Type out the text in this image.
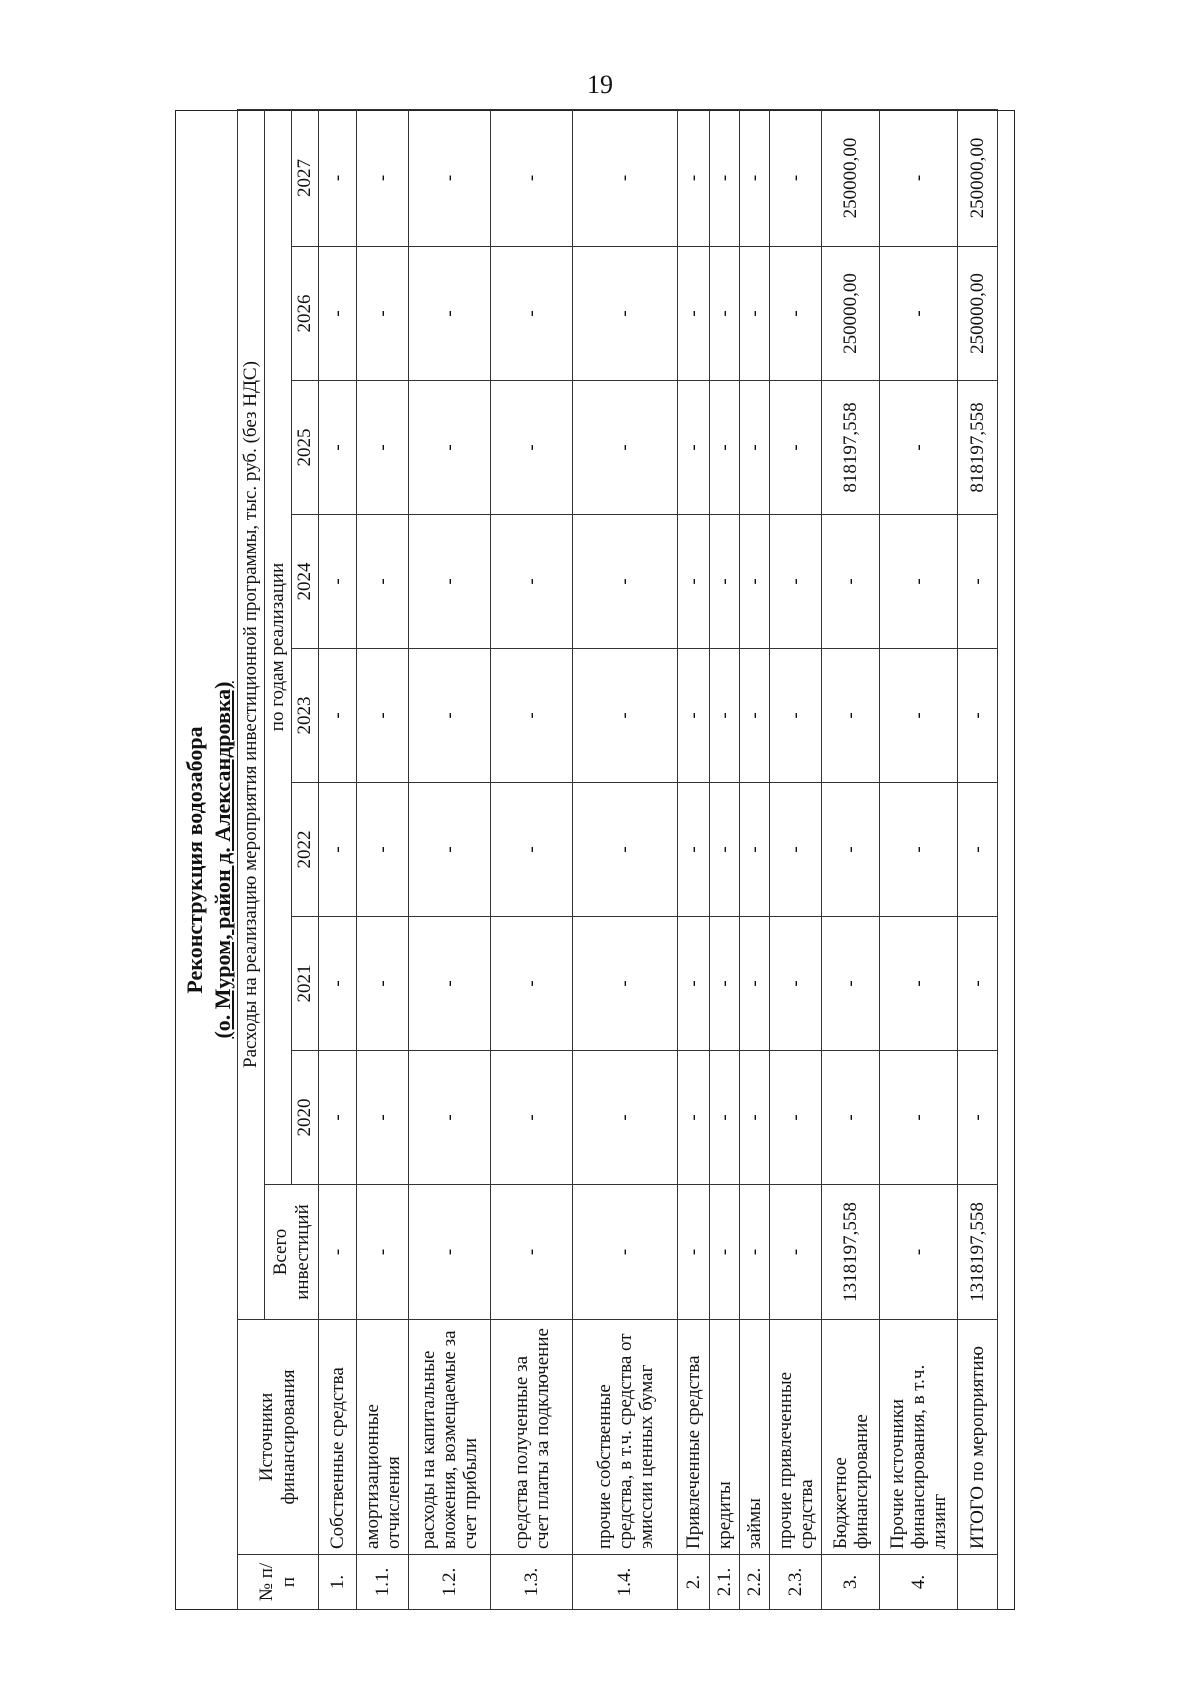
19
Реконструкция водозабора (о. Муром, район д. Александровка)
№ п/п	Источники финансирования	Расходы на реализацию мероприятия инвестиционной программы, тыс. руб. (без НДС)								
		Всего инвестиций	по годам реализации							
			2020	2021	2022	2023	2024	2025	2026	2027
1.	Собственные средства	-	-	-	-	-	-	-	-	-
1.1.	амортизационные отчисления	-	-	-	-	-	-	-	-	-
1.2.	расходы на капитальные вложения, возмещаемые за счет прибыли	-	-	-	-	-	-	-	-	-
1.3.	средства полученные за счет платы за подключение	-	-	-	-	-	-	-	-	-
1.4.	прочие собственные средства, в т.ч. средства от эмиссии ценных бумаг	-	-	-	-	-	-	-	-	-
2.	Привлеченные средства	-	-	-	-	-	-	-	-	-
2.1.	кредиты	-	-	-	-	-	-	-	-	-
2.2.	займы	-	-	-	-	-	-	-	-	-
2.3.	прочие привлеченные средства	-	-	-	-	-	-	-	-	-
3.	Бюджетное финансирование	1318197,558	-	-	-	-	-	818197,558	250000,00	250000,00
4.	Прочие источники финансирования, в т.ч. лизинг	-	-	-	-	-	-	-	-	-
	ИТОГО по мероприятию	1318197,558	-	-	-	-	-	818197,558	250000,00	250000,00
